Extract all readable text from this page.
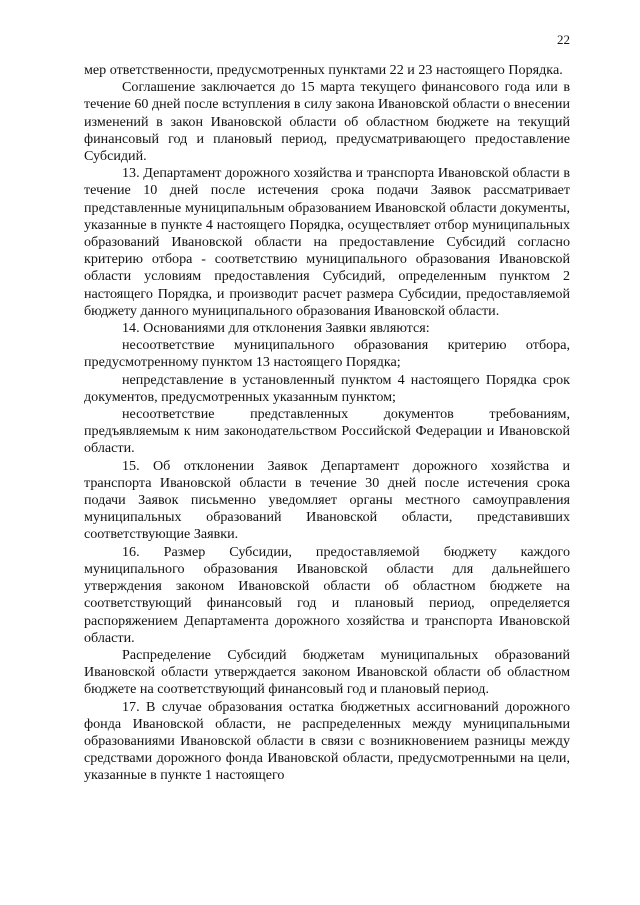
22

мер ответственности, предусмотренных пунктами 22 и 23 настоящего Порядка.

Соглашение заключается до 15 марта текущего финансового года или в течение 60 дней после вступления в силу закона Ивановской области о внесении изменений в закон Ивановской области об областном бюджете на текущий финансовый год и плановый период, предусматривающего предоставление Субсидий.

13. Департамент дорожного хозяйства и транспорта Ивановской области в течение 10 дней после истечения срока подачи Заявок рассматривает представленные муниципальным образованием Ивановской области документы, указанные в пункте 4 настоящего Порядка, осуществляет отбор муниципальных образований Ивановской области на предоставление Субсидий согласно критерию отбора - соответствию муниципального образования Ивановской области условиям предоставления Субсидий, определенным пунктом 2 настоящего Порядка, и производит расчет размера Субсидии, предоставляемой бюджету данного муниципального образования Ивановской области.

14. Основаниями для отклонения Заявки являются:

несоответствие муниципального образования критерию отбора, предусмотренному пунктом 13 настоящего Порядка;

непредставление в установленный пунктом 4 настоящего Порядка срок документов, предусмотренных указанным пунктом;

несоответствие представленных документов требованиям, предъявляемым к ним законодательством Российской Федерации и Ивановской области.

15. Об отклонении Заявок Департамент дорожного хозяйства и транспорта Ивановской области в течение 30 дней после истечения срока подачи Заявок письменно уведомляет органы местного самоуправления муниципальных образований Ивановской области, представивших соответствующие Заявки.

16. Размер Субсидии, предоставляемой бюджету каждого муниципального образования Ивановской области для дальнейшего утверждения законом Ивановской области об областном бюджете на соответствующий финансовый год и плановый период, определяется распоряжением Департамента дорожного хозяйства и транспорта Ивановской области.

Распределение Субсидий бюджетам муниципальных образований Ивановской области утверждается законом Ивановской области об областном бюджете на соответствующий финансовый год и плановый период.

17. В случае образования остатка бюджетных ассигнований дорожного фонда Ивановской области, не распределенных между муниципальными образованиями Ивановской области в связи с возникновением разницы между средствами дорожного фонда Ивановской области, предусмотренными на цели, указанные в пункте 1 настоящего
